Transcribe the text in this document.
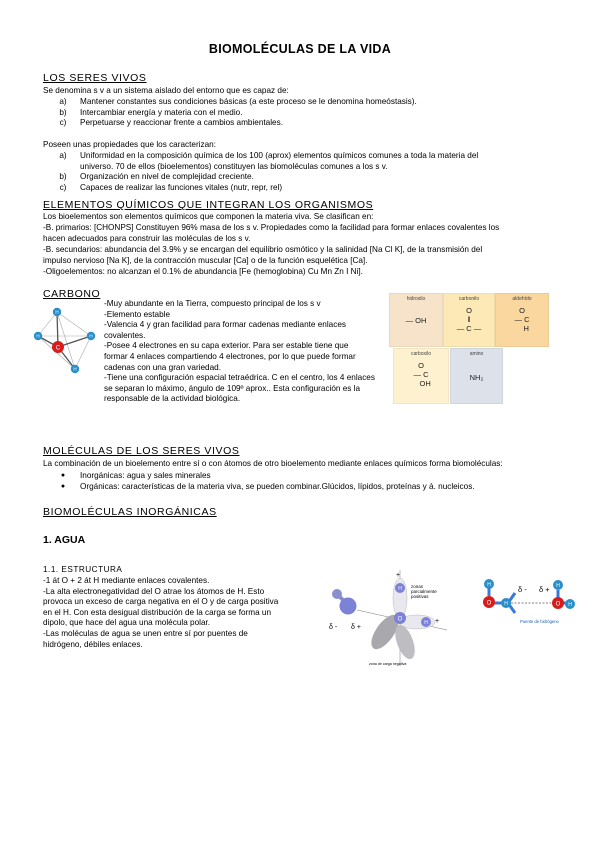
BIOMOLÉCULAS DE LA VIDA
LOS SERES VIVOS
Se denomina s v a un sistema aislado del entorno que es capaz de:
a)	Mantener constantes sus condiciones básicas (a este proceso se le denomina homeóstasis).
b)	Intercambiar energía y materia con el medio.
c)	Perpetuarse y reaccionar frente a cambios ambientales.
Poseen unas propiedades que los caracterizan:
a)	Uniformidad en la composición química de los 100 (aprox) elementos químicos comunes a toda la materia del
universo. 70 de ellos (bioelementos) constituyen las biomoléculas comunes a los s v.
b)	Organización en nivel de complejidad creciente.
c)	Capaces de realizar las funciones vitales (nutr, repr, rel)
ELEMENTOS QUÍMICOS QUE INTEGRAN LOS ORGANISMOS
Los bioelementos son elementos químicos que componen la materia viva. Se clasifican en:
-B. primarios: [CHONPS] Constituyen 96% masa de los s v. Propiedades como la facilidad para formar enlaces covalentes los
hacen adecuados para construir las moléculas de los s v.
-B. secundarios: abundancia del 3.9% y se encargan del equilibrio osmótico y la salinidad [Na Cl K], de la transmisión del
impulso nervioso [Na K], de la contracción muscular [Ca] o de la función esquelética [Ca].
-Oligoelementos: no alcanzan el 0.1% de abundancia [Fe (hemoglobina) Cu Mn Zn I Ni].
CARBONO
C
H
H	H
H
-Muy abundante en la Tierra, compuesto principal de los s v
-Elemento estable
-Valencia 4 y gran facilidad para formar cadenas mediante enlaces
covalentes.
-Posee 4 electrones en su capa exterior. Para ser estable tiene que
formar 4 enlaces compartiendo 4 electrones, por lo que puede formar
cadenas con una gran variedad.
-Tiene una configuración espacial tetraédrica. C en el centro, los 4 enlaces
se separan lo máximo, ángulo de 109º aprox.. Esta configuración es la
responsable de la actividad biológica.
hidroxilo
— OH
carbonilo
O
‖
— C —
aldehído
O
— C
H
carboxilo
O
— C
OH
amino
NH₂
MOLÉCULAS DE LOS SERES VIVOS
La combinación de un bioelemento entre sí o con átomos de otro bioelemento mediante enlaces químicos forma biomoléculas:
●	Inorgánicas: agua y sales minerales
●	Orgánicas: características de la materia viva, se pueden combinar.Glúcidos, lípidos, proteínas y á. nucleicos.
BIOMOLÉCULAS INORGÁNICAS
1. AGUA
1.1. ESTRUCTURA
-1 át O + 2 át H mediante enlaces covalentes.
-La alta electronegatividad del O atrae los átomos de H. Esto
provoca un exceso de carga negativa en el O y de carga positiva
en el H. Con esta desigual distribución de la carga se forma un
dipolo, que hace del agua una molécula polar.
-Las moléculas de agua se unen entre sí por puentes de
hidrógeno, débiles enlaces.
δ - δ +
O
H
H
+
+
zonas parcialmente positivas
zona de carga negativa
H
O	H	O
H
H
δ - δ +
Puente de hidrógeno
